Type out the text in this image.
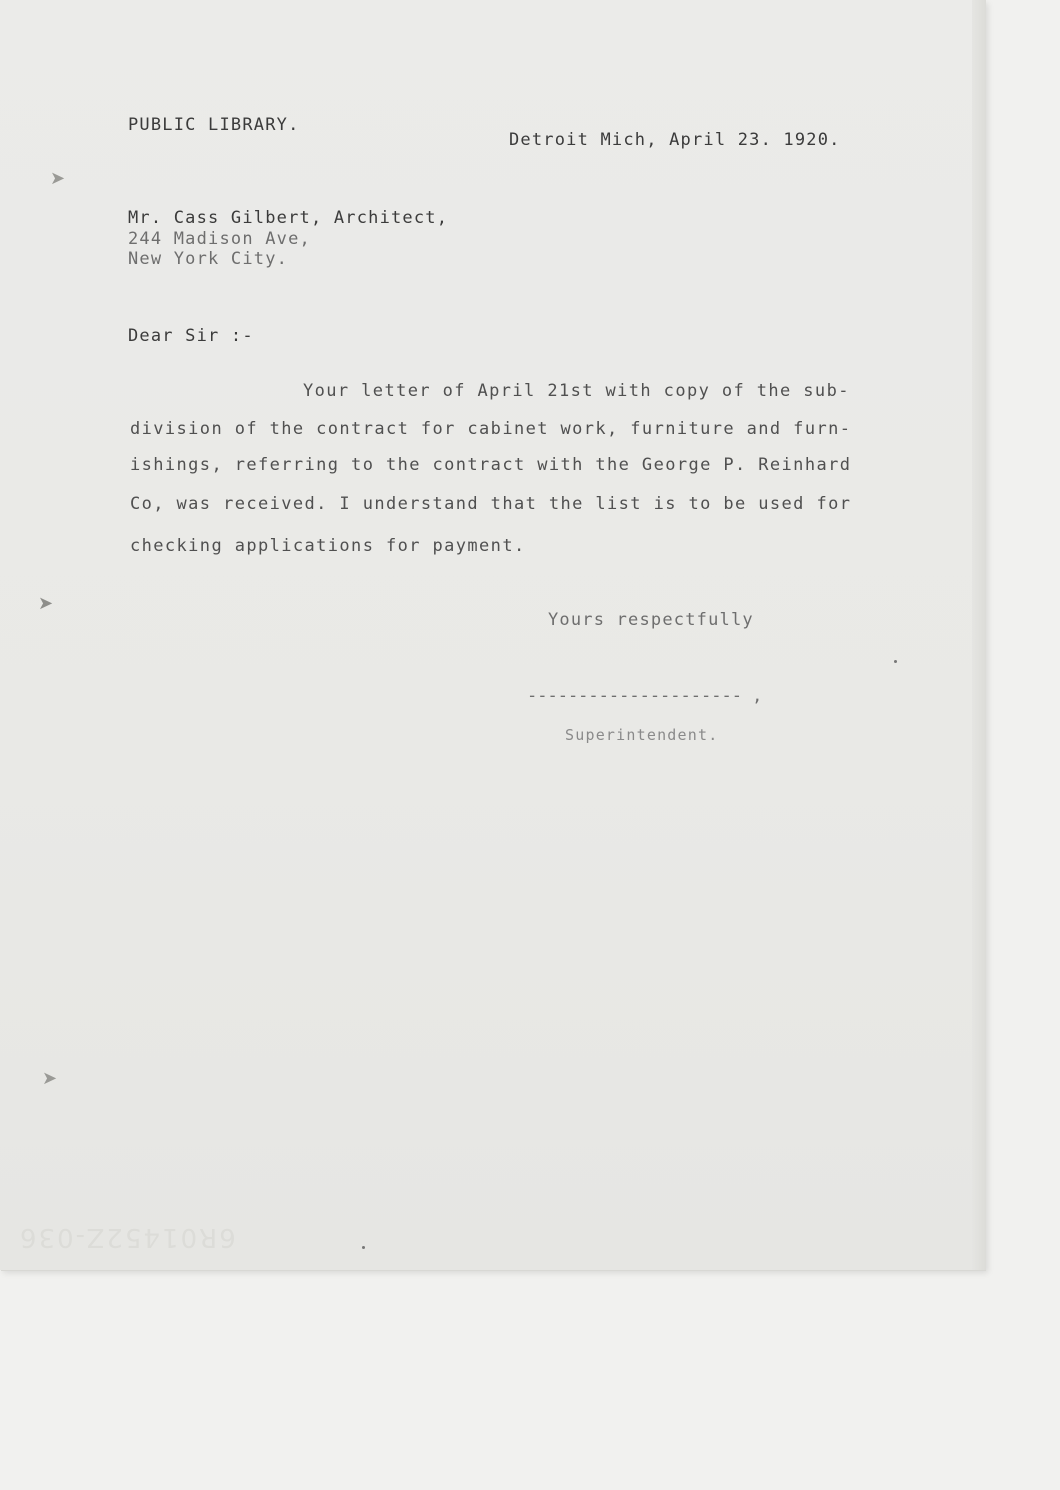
PUBLIC LIBRARY.
Detroit Mich, April 23. 1920.
Mr. Cass Gilbert, Architect,
244 Madison Ave,
New York City.
Dear Sir :-
Your letter of April 21st with copy of the sub-
division of the contract for cabinet work, furniture and furn-
ishings, referring to the contract with the George P. Reinhard
Co, was received. I understand that the list is to be used for
checking applications for payment.
Yours respectfully
--------------------- ,
Superintendent.
➤
➤
➤
6R01452Z-036
